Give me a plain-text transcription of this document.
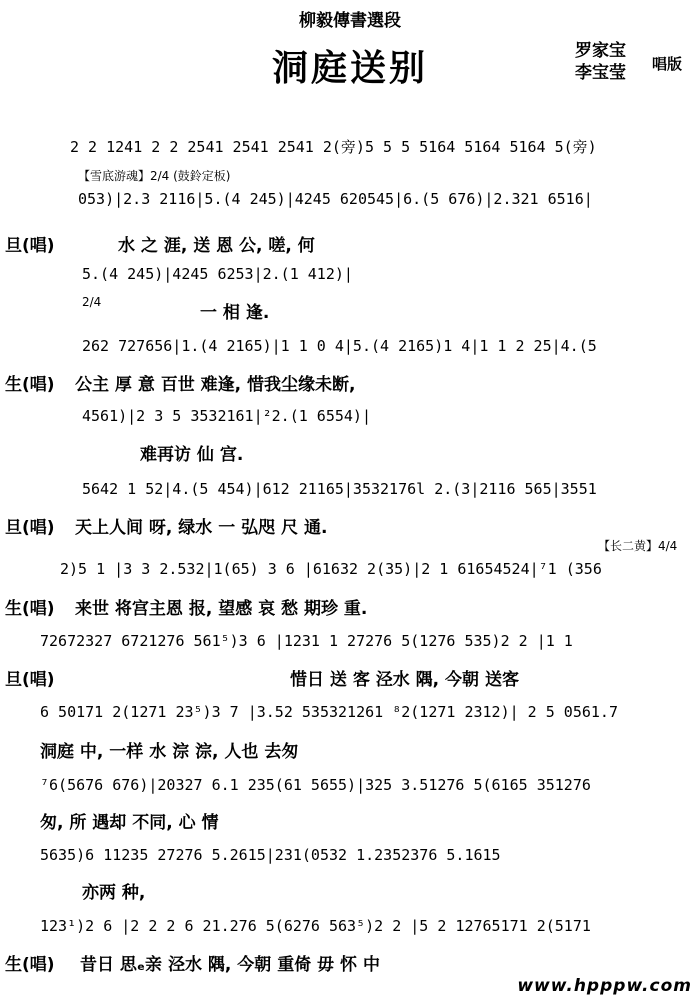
柳毅傳書選段
洞庭送别	罗家宝
李宝莹 唱版
2 2 1241 2 2 2541 2541 2541 2(旁)5 5 5 5164 5164 5164 5(旁)
【雪底游魂】2/4 (鼓鈴定板)
053)|2.3 2116|5.(4 245)|4245 620545|6.(5 676)|2.321 6516|
旦(唱)	水 之 涯, 送 恩 公, 嗟, 何
5.(4 245)|4245 6253|2.(1 412)|
2/4
一 相 逢.
262 727656|1.(4 2165)|1 1 0 4|5.(4 2165)1 4|1 1 2 25|4.(5
生(唱) 公主 厚 意 百世 难逢, 惜我尘缘未断,
4561)|2 3 5 3532161|²2.(1 6554)|
难再访 仙 宫.
5642 1 52|4.(5 454)|612 21165|3532176l 2.(3|2116 565|3551
旦(唱) 天上人间 呀, 绿水 一 弘咫 尺 通.
【长二黄】4/4
2)5 1 |3 3 2.532|1(65) 3 6 |61632 2(35)|2 1 61654524|⁷1 (356
生(唱) 来世 将宫主恩 报, 望感 哀 愁 期珍 重.
72672327 6721276 561⁵)3 6 |1231 1 27276 5(1276 535)2 2 |1 1
旦(唱)	惜日 送 客 泾水 隅, 今朝 送客
6 50171 2(1271 23⁵)3 7 |3.52 535321261 ⁸2(1271 2312)| 2 5 0561.7
洞庭 中, 一样 水 淙 淙, 人也 去匆
⁷6(5676 676)|20327 6.1 235(61 5655)|325 3.51276 5(6165 351276
匆, 所 遇却 不同, 心 情
5635)6 11235 27276 5.2615|231(0532 1.2352376 5.1615
亦两 种,
123¹)2 6 |2 2 2 6 21.276 5(6276 563⁵)2 2 |5 2 12765171 2(5171
生(唱) 昔日 思ₑ亲 泾水 隅, 今朝 重倚 毋 怀 中
www.hpppw.com
